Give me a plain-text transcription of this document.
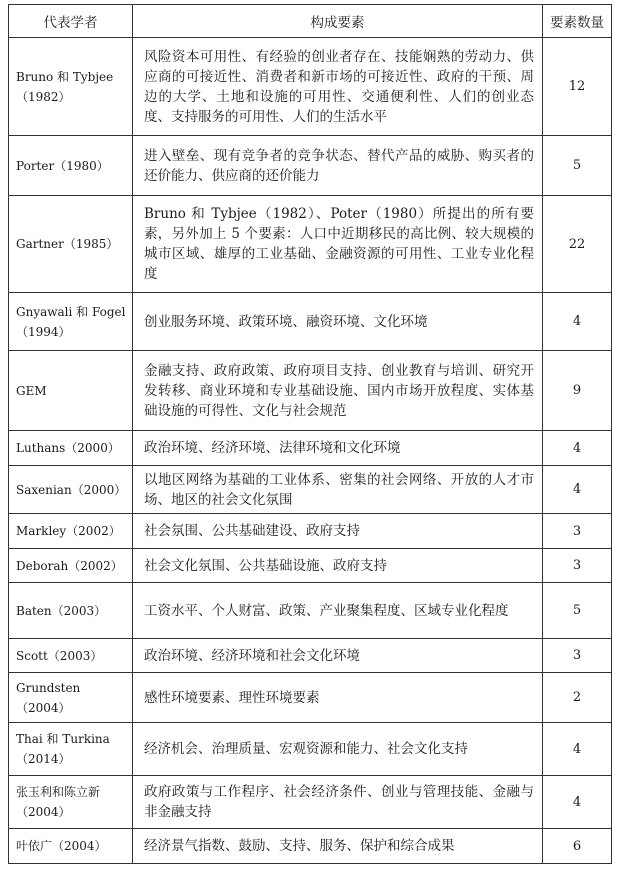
代表学者	构成要素	要素数量
Bruno 和 Tybjee（1982）	风险资本可用性、有经验的创业者存在、技能娴熟的劳动力、供应商的可接近性、消费者和新市场的可接近性、政府的干预、周边的大学、土地和设施的可用性、交通便利性、人们的创业态度、支持服务的可用性、人们的生活水平	12
Porter（1980）	进入壁垒、现有竞争者的竞争状态、替代产品的威胁、购买者的还价能力、供应商的还价能力	5
Gartner（1985）	Bruno 和 Tybjee（1982）、Poter（1980）所提出的所有要素，另外加上 5 个要素：人口中近期移民的高比例、较大规模的城市区域、雄厚的工业基础、金融资源的可用性、工业专业化程度	22
Gnyawali 和 Fogel（1994）	创业服务环境、政策环境、融资环境、文化环境	4
GEM	金融支持、政府政策、政府项目支持、创业教育与培训、研究开发转移、商业环境和专业基础设施、国内市场开放程度、实体基础设施的可得性、文化与社会规范	9
Luthans（2000）	政治环境、经济环境、法律环境和文化环境	4
Saxenian（2000）	以地区网络为基础的工业体系、密集的社会网络、开放的人才市场、地区的社会文化氛围	4
Markley（2002）	社会氛围、公共基础建设、政府支持	3
Deborah（2002）	社会文化氛围、公共基础设施、政府支持	3
Baten（2003）	工资水平、个人财富、政策、产业聚集程度、区域专业化程度	5
Scott（2003）	政治环境、经济环境和社会文化环境	3
Grundsten（2004）	感性环境要素、理性环境要素	2
Thai 和 Turkina（2014）	经济机会、治理质量、宏观资源和能力、社会文化支持	4
张玉利和陈立新（2004）	政府政策与工作程序、社会经济条件、创业与管理技能、金融与非金融支持	4
叶依广（2004）	经济景气指数、鼓励、支持、服务、保护和综合成果	6
